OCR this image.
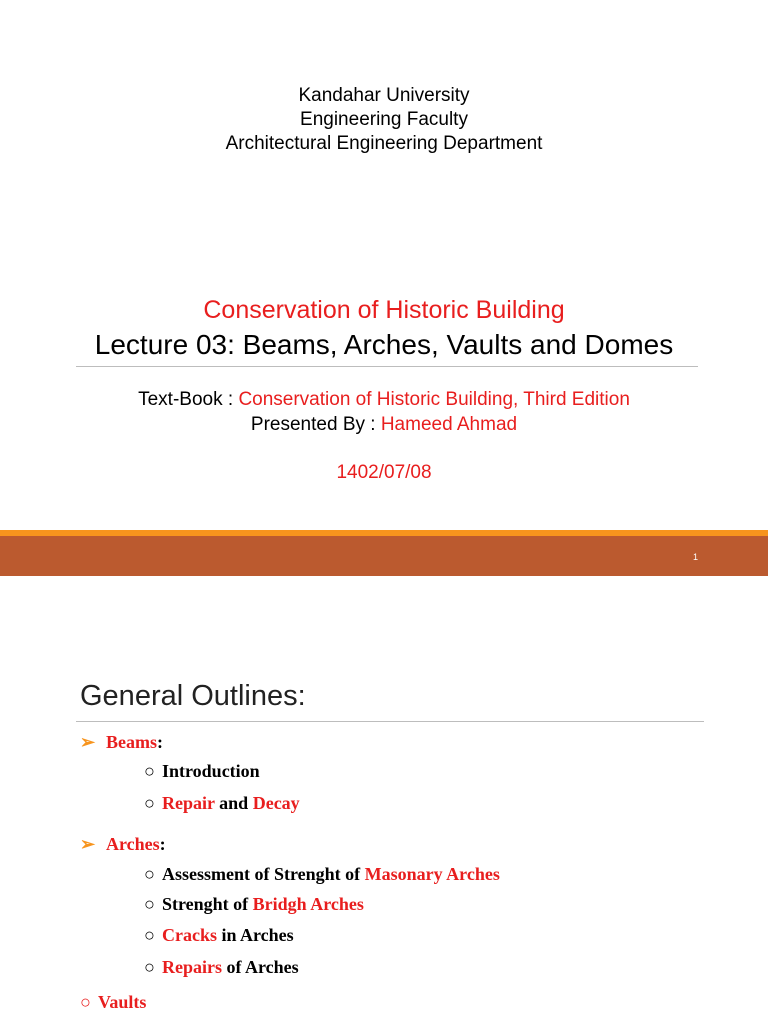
Kandahar University
Engineering Faculty
Architectural Engineering Department
Conservation of Historic Building
Lecture 03: Beams, Arches, Vaults and Domes
Text-Book : Conservation of Historic Building, Third Edition
Presented By : Hameed Ahmad
1402/07/08
1
General Outlines:
➢ Beams:
○ Introduction
○ Repair and Decay
➢ Arches:
○ Assessment of Strenght of Masonary Arches
○ Strenght of Bridgh Arches
○ Cracks in Arches
○ Repairs of Arches
○ Vaults
